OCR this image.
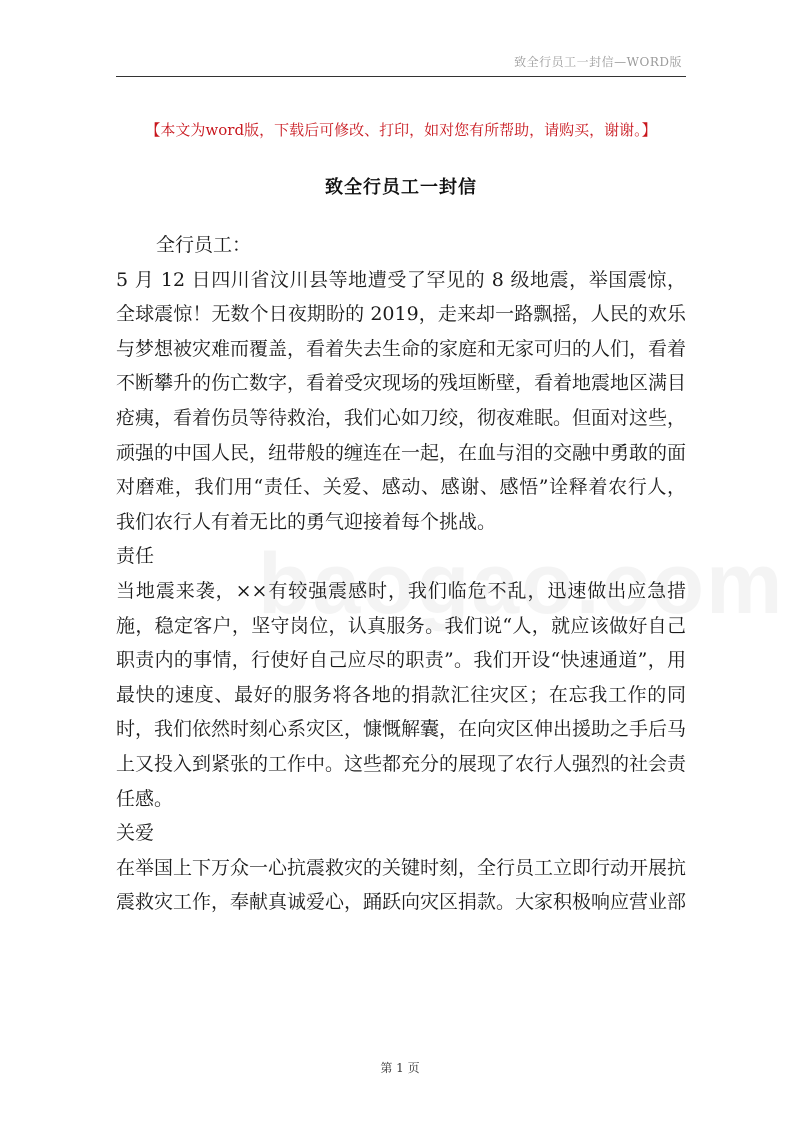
致全行员工一封信—WORD版
【本文为word版，下载后可修改、打印，如对您有所帮助，请购买，谢谢。】
致全行员工一封信

全行员工：

5 月 12 日四川省汶川县等地遭受了罕见的 8 级地震，举国震惊，全球震惊！无数个日夜期盼的 2019，走来却一路飘摇，人民的欢乐与梦想被灾难而覆盖，看着失去生命的家庭和无家可归的人们，看着不断攀升的伤亡数字，看着受灾现场的残垣断壁，看着地震地区满目疮痍，看着伤员等待救治，我们心如刀绞，彻夜难眠。但面对这些，顽强的中国人民，纽带般的缠连在一起，在血与泪的交融中勇敢的面对磨难，我们用“责任、关爱、感动、感谢、感悟”诠释着农行人，我们农行人有着无比的勇气迎接着每个挑战。

责任

当地震来袭，××有较强震感时，我们临危不乱，迅速做出应急措施，稳定客户，坚守岗位，认真服务。我们说“人，就应该做好自己职责内的事情，行使好自己应尽的职责”。我们开设“快速通道”，用最快的速度、最好的服务将各地的捐款汇往灾区；在忘我工作的同时，我们依然时刻心系灾区，慷慨解囊，在向灾区伸出援助之手后马上又投入到紧张的工作中。这些都充分的展现了农行人强烈的社会责任感。

关爱

在举国上下万众一心抗震救灾的关键时刻，全行员工立即行动开展抗震救灾工作，奉献真诚爱心，踊跃向灾区捐款。大家积极响应营业部

第 1 页
